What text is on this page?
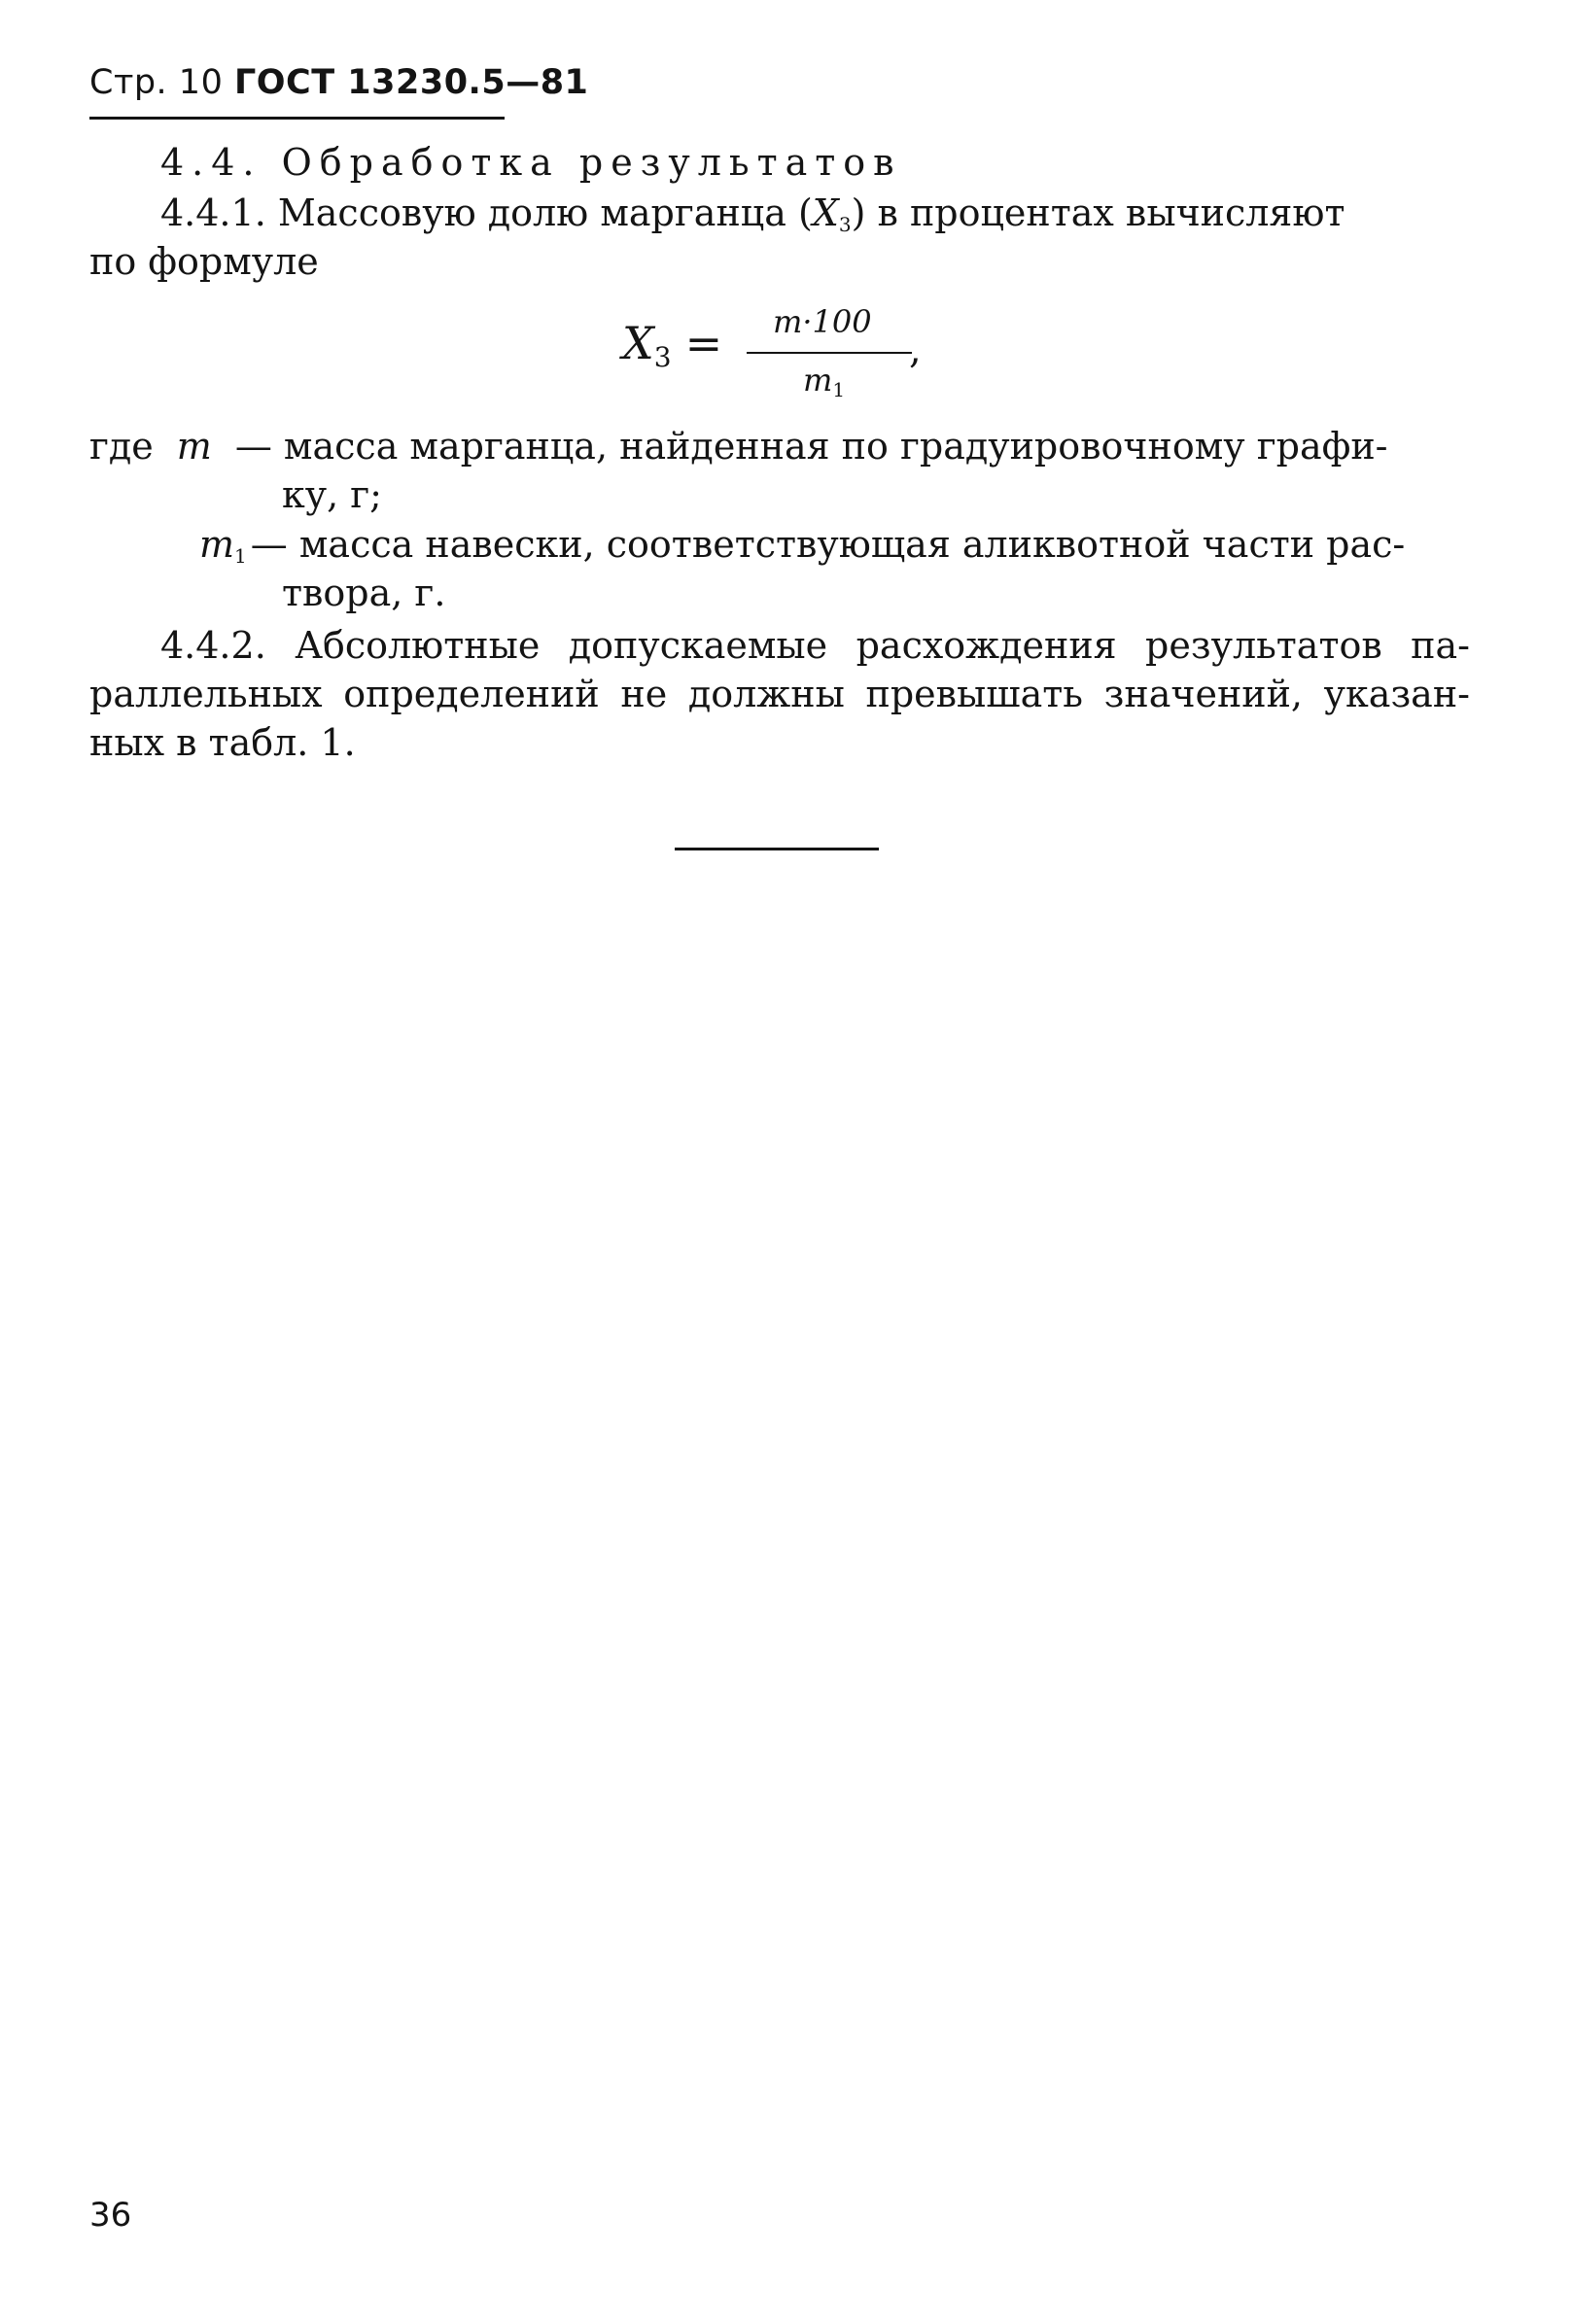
Стр. 10 ГОСТ 13230.5—81
4.4. Обработка результатов
4.4.1. Массовую долю марганца (X3) в процентах вычисляют
по формуле
$X_3 = m\cdot 100$
$m_1$
,
где m — масса марганца, найденная по градуировочному графи-
ку, г;
m1 — масса навески, соответствующая аликвотной части рас-
твора, г.
4.4.2. Абсолютные допускаемые расхождения результатов па-
раллельных определений не должны превышать значений, указан-
ных в табл. 1.
36
